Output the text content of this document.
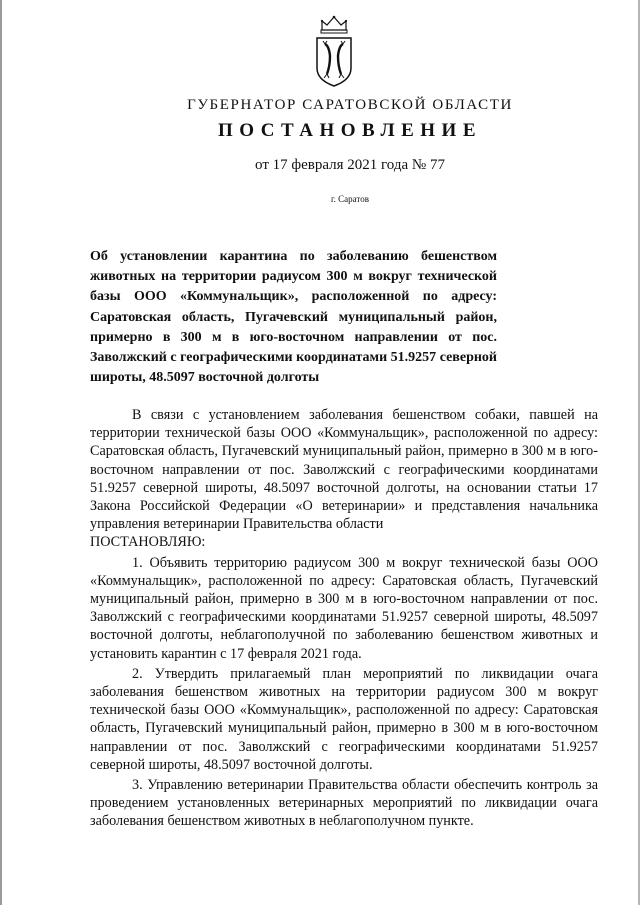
ГУБЕРНАТОР САРАТОВСКОЙ ОБЛАСТИ
ПОСТАНОВЛЕНИЕ
от 17 февраля 2021 года № 77
г. Саратов
Об установлении карантина по заболеванию бешенством животных на территории радиусом 300 м вокруг технической базы ООО «Коммунальщик», расположенной по адресу: Саратовская область, Пугачевский муниципальный район, примерно в 300 м в юго-восточном направлении от пос. Заволжский с географическими координатами 51.9257 северной широты, 48.5097 восточной долготы

В связи с установлением заболевания бешенством собаки, павшей на территории технической базы ООО «Коммунальщик», расположенной по адресу: Саратовская область, Пугачевский муниципальный район, примерно в 300 м в юго-восточном направлении от пос. Заволжский с географическими координатами 51.9257 северной широты, 48.5097 восточной долготы, на основании статьи 17 Закона Российской Федерации «О ветеринарии» и представления начальника управления ветеринарии Правительства области

ПОСТАНОВЛЯЮ:

1. Объявить территорию радиусом 300 м вокруг технической базы ООО «Коммунальщик», расположенной по адресу: Саратовская область, Пугачевский муниципальный район, примерно в 300 м в юго-восточном направлении от пос. Заволжский с географическими координатами 51.9257 северной широты, 48.5097 восточной долготы, неблагополучной по заболеванию бешенством животных и установить карантин с 17 февраля 2021 года.

2. Утвердить прилагаемый план мероприятий по ликвидации очага заболевания бешенством животных на территории радиусом 300 м вокруг технической базы ООО «Коммунальщик», расположенной по адресу: Саратовская область, Пугачевский муниципальный район, примерно в 300 м в юго-восточном направлении от пос. Заволжский с географическими координатами 51.9257 северной широты, 48.5097 восточной долготы.

3. Управлению ветеринарии Правительства области обеспечить контроль за проведением установленных ветеринарных мероприятий по ликвидации очага заболевания бешенством животных в неблагополучном пункте.
